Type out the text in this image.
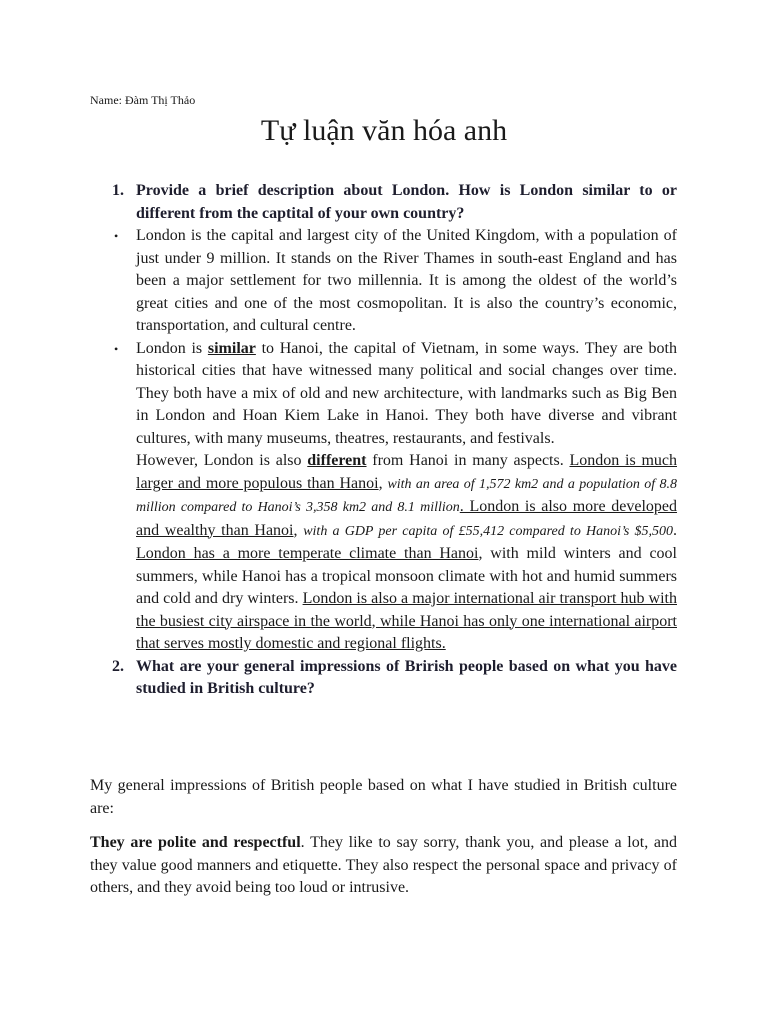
Name: Đàm Thị Thảo
Tự luận văn hóa anh
1. Provide a brief description about London. How is London similar to or different from the captital of your own country?
• London is the capital and largest city of the United Kingdom, with a population of just under 9 million. It stands on the River Thames in south-east England and has been a major settlement for two millennia. It is among the oldest of the world’s great cities and one of the most cosmopolitan. It is also the country’s economic, transportation, and cultural centre.
• London is similar to Hanoi, the capital of Vietnam, in some ways. They are both historical cities that have witnessed many political and social changes over time. They both have a mix of old and new architecture, with landmarks such as Big Ben in London and Hoan Kiem Lake in Hanoi. They both have diverse and vibrant cultures, with many museums, theatres, restaurants, and festivals.
However, London is also different from Hanoi in many aspects. London is much larger and more populous than Hanoi, with an area of 1,572 km2 and a population of 8.8 million compared to Hanoi’s 3,358 km2 and 8.1 million. London is also more developed and wealthy than Hanoi, with a GDP per capita of £55,412 compared to Hanoi’s $5,500. London has a more temperate climate than Hanoi, with mild winters and cool summers, while Hanoi has a tropical monsoon climate with hot and humid summers and cold and dry winters. London is also a major international air transport hub with the busiest city airspace in the world, while Hanoi has only one international airport that serves mostly domestic and regional flights.
2. What are your general impressions of Brirish people based on what you have studied in British culture?
My general impressions of British people based on what I have studied in British culture are:
They are polite and respectful. They like to say sorry, thank you, and please a lot, and they value good manners and etiquette. They also respect the personal space and privacy of others, and they avoid being too loud or intrusive.
